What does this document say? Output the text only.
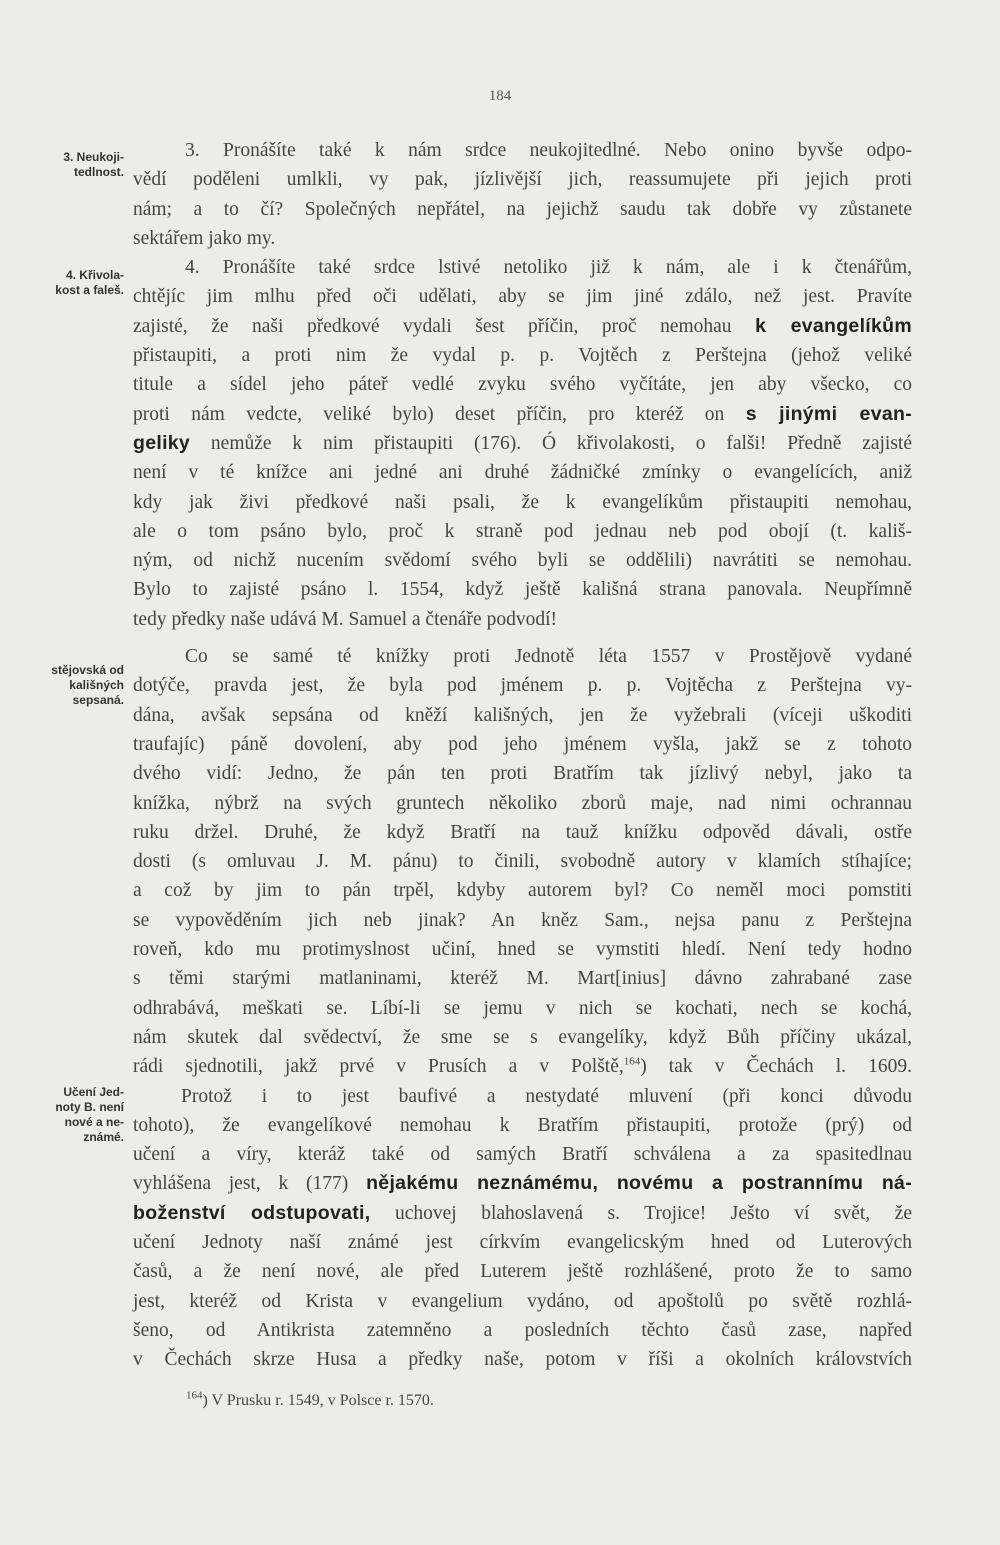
184
3. Neukoji-
tedlnost.
4. Křivola-
kost a faleš.
stějovská od
kališných
sepsaná.
Učení Jed-
noty B. není
nové a ne-
známé.
3. Pronášíte také k nám srdce neukojitedlné. Nebo onino byvše odpo-
vědí poděleni umlkli, vy pak, jízlivější jich, reassumujete při jejich proti
nám; a to čí? Společných nepřátel, na jejichž saudu tak dobře vy zůstanete
sektářem jako my.
4. Pronášíte také srdce lstivé netoliko již k nám, ale i k čtenářům,
chtějíc jim mlhu před oči udělati, aby se jim jiné zdálo, než jest. Pravíte
zajisté, že naši předkové vydali šest příčin, proč nemohau k evangelíkům
přistaupiti, a proti nim že vydal p. p. Vojtěch z Perštejna (jehož veliké
titule a sídel jeho páteř vedlé zvyku svého vyčítáte, jen aby všecko, co
proti nám vedcte, veliké bylo) deset příčin, pro kteréž on s jinými evan-
geliky nemůže k nim přistaupiti (176). Ó křivolakosti, o falši! Předně zajisté
není v té knížce ani jedné ani druhé žádničké zmínky o evangelících, aniž
kdy jak živi předkové naši psali, že k evangelíkům přistaupiti nemohau,
ale o tom psáno bylo, proč k straně pod jednau neb pod obojí (t. kališ-
ným, od nichž nucením svědomí svého byli se oddělili) navrátiti se nemohau.
Bylo to zajisté psáno l. 1554, když ještě kališná strana panovala. Neupřímně
tedy předky naše udává M. Samuel a čtenáře podvodí!
Co se samé té knížky proti Jednotě léta 1557 v Prostějově vydané
dotýče, pravda jest, že byla pod jménem p. p. Vojtěcha z Perštejna vy-
dána, avšak sepsána od kněží kališných, jen že vyžebrali (víceji uškoditi
traufajíc) páně dovolení, aby pod jeho jménem vyšla, jakž se z tohoto
dvého vidí: Jedno, že pán ten proti Bratřím tak jízlivý nebyl, jako ta
knížka, nýbrž na svých gruntech několiko zborů maje, nad nimi ochrannau
ruku držel. Druhé, že když Bratří na tauž knížku odpověd dávali, ostře
dosti (s omluvau J. M. pánu) to činili, svobodně autory v klamích stíhajíce;
a což by jim to pán trpěl, kdyby autorem byl? Co neměl moci pomstiti
se vypověděním jich neb jinak? An kněz Sam., nejsa panu z Perštejna
roveň, kdo mu protimyslnost učiní, hned se vymstiti hledí. Není tedy hodno
s těmi starými matlaninami, kteréž M. Mart[inius] dávno zahrabané zase
odhrabává, meškati se. Líbí-li se jemu v nich se kochati, nech se kochá,
nám skutek dal svědectví, že sme se s evangelíky, když Bůh příčiny ukázal,
rádi sjednotili, jakž prvé v Prusích a v Polště,$^{164}$) tak v Čechách l. 1609.
Protož i to jest baufivé a nestydaté mluvení (při konci důvodu
tohoto), že evangelíkové nemohau k Bratřím přistaupiti, protože (prý) od
učení a víry, kteráž také od samých Bratří schválena a za spasitedlnau
vyhlášena jest, k (177) nějakému neznámému, novému a postrannímu ná-
boženství odstupovati, uchovej blahoslavená s. Trojice! Ješto ví svět, že
učení Jednoty naší známé jest církvím evangelicským hned od Luterových
časů, a že není nové, ale před Luterem ještě rozhlášené, proto že to samo
jest, kteréž od Krista v evangelium vydáno, od apoštolů po světě rozhlá-
šeno, od Antikrista zatemněno a posledních těchto časů zase, napřed
v Čechách skrze Husa a předky naše, potom v říši a okolních královstvích
$^{164}$) V Prusku r. 1549, v Polsce r. 1570.
